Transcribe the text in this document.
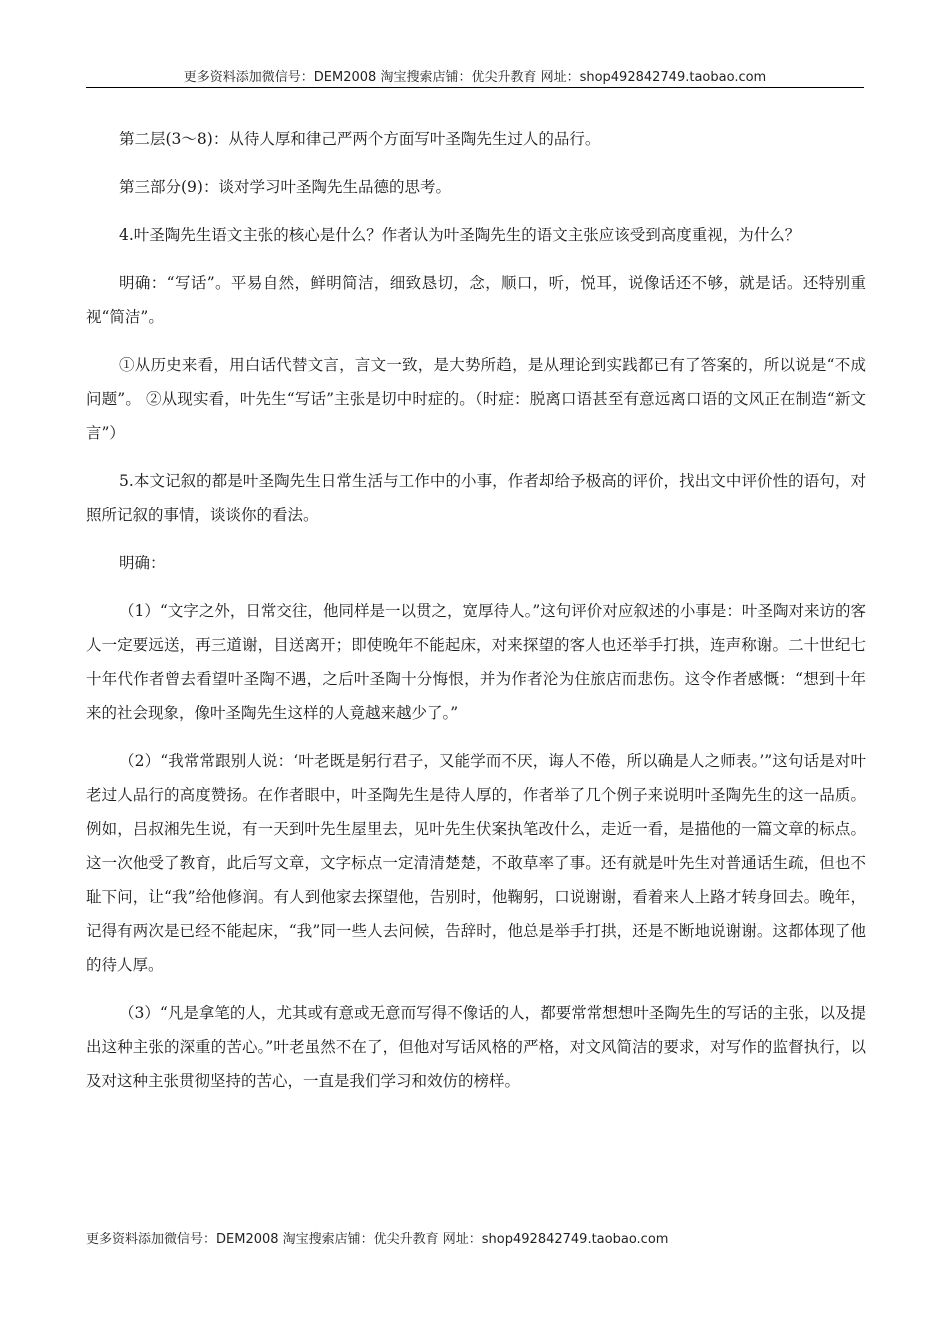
更多资料添加微信号：DEM2008 淘宝搜索店铺：优尖升教育 网址：shop492842749.taobao.com

第二层(3～8)：从待人厚和律己严两个方面写叶圣陶先生过人的品行。

第三部分(9)：谈对学习叶圣陶先生品德的思考。

4.叶圣陶先生语文主张的核心是什么？作者认为叶圣陶先生的语文主张应该受到高度重视，为什么？

明确：“写话”。平易自然，鲜明简洁，细致恳切，念，顺口，听，悦耳，说像话还不够，就是话。还特别重视“简洁”。

①从历史来看，用白话代替文言，言文一致，是大势所趋，是从理论到实践都已有了答案的，所以说是“不成问题”。 ②从现实看，叶先生“写话”主张是切中时症的。（时症：脱离口语甚至有意远离口语的文风正在制造“新文言”）

5.本文记叙的都是叶圣陶先生日常生活与工作中的小事，作者却给予极高的评价，找出文中评价性的语句，对照所记叙的事情，谈谈你的看法。

明确：

（1）“文字之外，日常交往，他同样是一以贯之，宽厚待人。”这句评价对应叙述的小事是：叶圣陶对来访的客人一定要远送，再三道谢，目送离开；即使晚年不能起床，对来探望的客人也还举手打拱，连声称谢。二十世纪七十年代作者曾去看望叶圣陶不遇，之后叶圣陶十分悔恨，并为作者沦为住旅店而悲伤。这令作者感慨：“想到十年来的社会现象，像叶圣陶先生这样的人竟越来越少了。”

（2）“我常常跟别人说：‘叶老既是躬行君子，又能学而不厌，诲人不倦，所以确是人之师表。’”这句话是对叶老过人品行的高度赞扬。在作者眼中，叶圣陶先生是待人厚的，作者举了几个例子来说明叶圣陶先生的这一品质。例如，吕叔湘先生说，有一天到叶先生屋里去，见叶先生伏案执笔改什么，走近一看，是描他的一篇文章的标点。这一次他受了教育，此后写文章，文字标点一定清清楚楚，不敢草率了事。还有就是叶先生对普通话生疏，但也不耻下问，让“我”给他修润。有人到他家去探望他，告别时，他鞠躬，口说谢谢，看着来人上路才转身回去。晚年，记得有两次是已经不能起床，“我”同一些人去问候，告辞时，他总是举手打拱，还是不断地说谢谢。这都体现了他的待人厚。

（3）“凡是拿笔的人，尤其或有意或无意而写得不像话的人，都要常常想想叶圣陶先生的写话的主张，以及提出这种主张的深重的苦心。”叶老虽然不在了，但他对写话风格的严格，对文风简洁的要求，对写作的监督执行，以及对这种主张贯彻坚持的苦心，一直是我们学习和效仿的榜样。

更多资料添加微信号：DEM2008 淘宝搜索店铺：优尖升教育 网址：shop492842749.taobao.com
